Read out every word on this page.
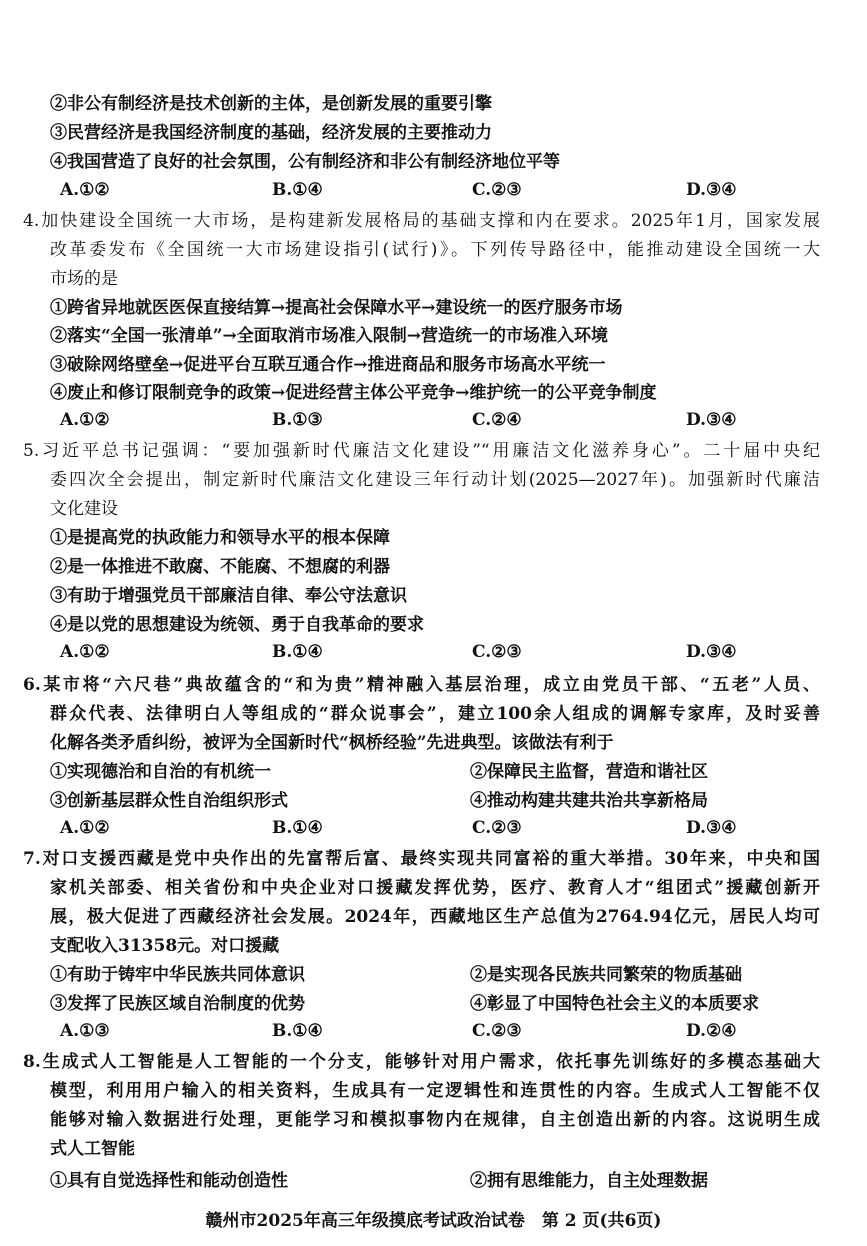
②非公有制经济是技术创新的主体，是创新发展的重要引擎
③民营经济是我国经济制度的基础，经济发展的主要推动力
④我国营造了良好的社会氛围，公有制经济和非公有制经济地位平等
A.①②	B.①④	C.②③	D.③④
4.加快建设全国统一大市场，是构建新发展格局的基础支撑和内在要求。2025年1月，国家发展
改革委发布《全国统一大市场建设指引(试行)》。下列传导路径中，能推动建设全国统一大
市场的是
①跨省异地就医医保直接结算→提高社会保障水平→建设统一的医疗服务市场
②落实“全国一张清单”→全面取消市场准入限制→营造统一的市场准入环境
③破除网络壁垒→促进平台互联互通合作→推进商品和服务市场高水平统一
④废止和修订限制竞争的政策→促进经营主体公平竞争→维护统一的公平竞争制度
A.①②	B.①③	C.②④	D.③④
5.习近平总书记强调：“要加强新时代廉洁文化建设”“用廉洁文化滋养身心”。二十届中央纪
委四次全会提出，制定新时代廉洁文化建设三年行动计划(2025—2027年)。加强新时代廉洁
文化建设
①是提高党的执政能力和领导水平的根本保障
②是一体推进不敢腐、不能腐、不想腐的利器
③有助于增强党员干部廉洁自律、奉公守法意识
④是以党的思想建设为统领、勇于自我革命的要求
A.①②	B.①④	C.②③	D.③④
6.某市将“六尺巷”典故蕴含的“和为贵”精神融入基层治理，成立由党员干部、“五老”人员、
群众代表、法律明白人等组成的“群众说事会”，建立100余人组成的调解专家库，及时妥善
化解各类矛盾纠纷，被评为全国新时代“枫桥经验”先进典型。该做法有利于
①实现德治和自治的有机统一	②保障民主监督，营造和谐社区
③创新基层群众性自治组织形式	④推动构建共建共治共享新格局
A.①②	B.①④	C.②③	D.③④
7.对口支援西藏是党中央作出的先富帮后富、最终实现共同富裕的重大举措。30年来，中央和国
家机关部委、相关省份和中央企业对口援藏发挥优势，医疗、教育人才“组团式”援藏创新开
展，极大促进了西藏经济社会发展。2024年，西藏地区生产总值为2764.94亿元，居民人均可
支配收入31358元。对口援藏
①有助于铸牢中华民族共同体意识	②是实现各民族共同繁荣的物质基础
③发挥了民族区域自治制度的优势	④彰显了中国特色社会主义的本质要求
A.①③	B.①④	C.②③	D.②④
8.生成式人工智能是人工智能的一个分支，能够针对用户需求，依托事先训练好的多模态基础大
模型，利用用户输入的相关资料，生成具有一定逻辑性和连贯性的内容。生成式人工智能不仅
能够对输入数据进行处理，更能学习和模拟事物内在规律，自主创造出新的内容。这说明生成
式人工智能
①具有自觉选择性和能动创造性	②拥有思维能力，自主处理数据
赣州市2025年高三年级摸底考试政治试卷　第 2 页(共6页)
